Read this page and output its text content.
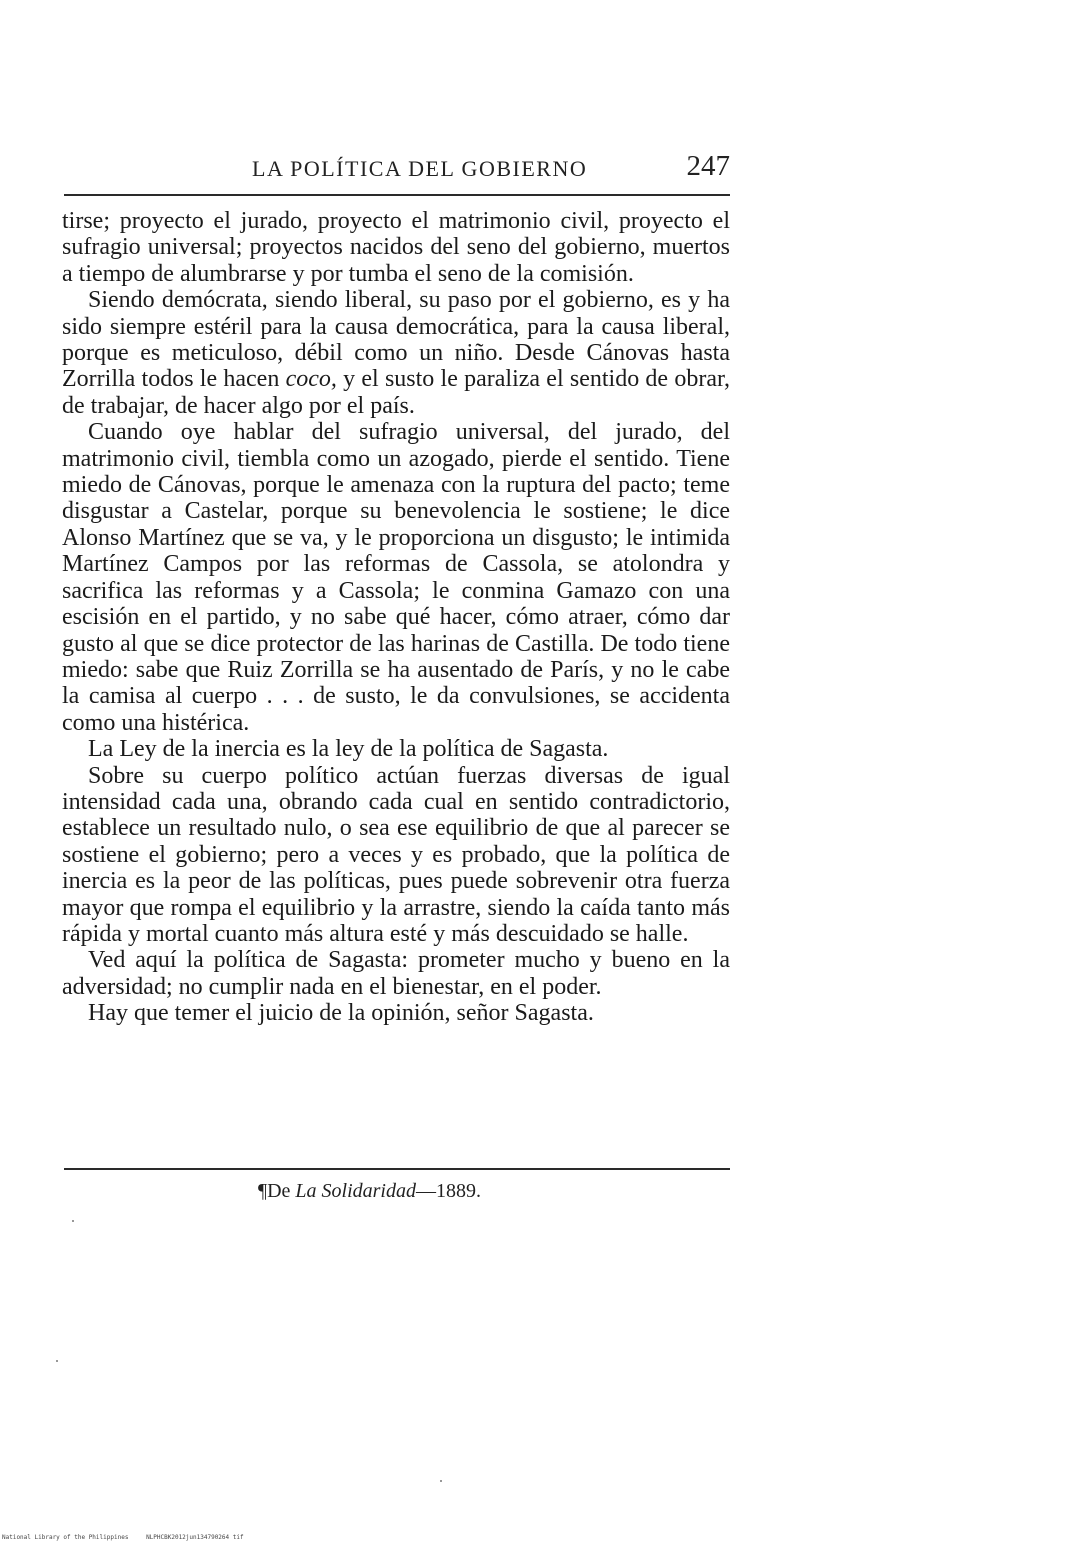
LA POLÍTICA DEL GOBIERNO	247

tirse; proyecto el jurado, proyecto el matrimonio civil, proyecto el sufragio universal; proyectos nacidos del seno del gobierno, muertos a tiempo de alumbrarse y por tumba el seno de la comisión.

Siendo demócrata, siendo liberal, su paso por el gobierno, es y ha sido siempre estéril para la causa democrática, para la causa liberal, porque es meticuloso, débil como un niño. Desde Cánovas hasta Zorrilla todos le hacen coco, y el susto le paraliza el sentido de obrar, de trabajar, de hacer algo por el país.

Cuando oye hablar del sufragio universal, del jurado, del matrimonio civil, tiembla como un azogado, pierde el sentido. Tiene miedo de Cánovas, porque le amenaza con la ruptura del pacto; teme disgustar a Castelar, porque su benevolencia le sostiene; le dice Alonso Martínez que se va, y le proporciona un disgusto; le intimida Martínez Campos por las reformas de Cassola, se atolondra y sacrifica las reformas y a Cassola; le conmina Gamazo con una escisión en el partido, y no sabe qué hacer, cómo atraer, cómo dar gusto al que se dice protector de las harinas de Castilla. De todo tiene miedo: sabe que Ruiz Zorrilla se ha ausentado de París, y no le cabe la camisa al cuerpo . . . de susto, le da convulsiones, se accidenta como una histérica.

La Ley de la inercia es la ley de la política de Sagasta.

Sobre su cuerpo político actúan fuerzas diversas de igual intensidad cada una, obrando cada cual en sentido contradictorio, establece un resultado nulo, o sea ese equilibrio de que al parecer se sostiene el gobierno; pero a veces y es probado, que la política de inercia es la peor de las políticas, pues puede sobrevenir otra fuerza mayor que rompa el equilibrio y la arrastre, siendo la caída tanto más rápida y mortal cuanto más altura esté y más descuidado se halle.

Ved aquí la política de Sagasta: prometer mucho y bueno en la adversidad; no cumplir nada en el bienestar, en el poder.

Hay que temer el juicio de la opinión, señor Sagasta.

¶De La Solidaridad—1889.
National Library of the Philippines	NLPHCBK2012jun134790264 tif
